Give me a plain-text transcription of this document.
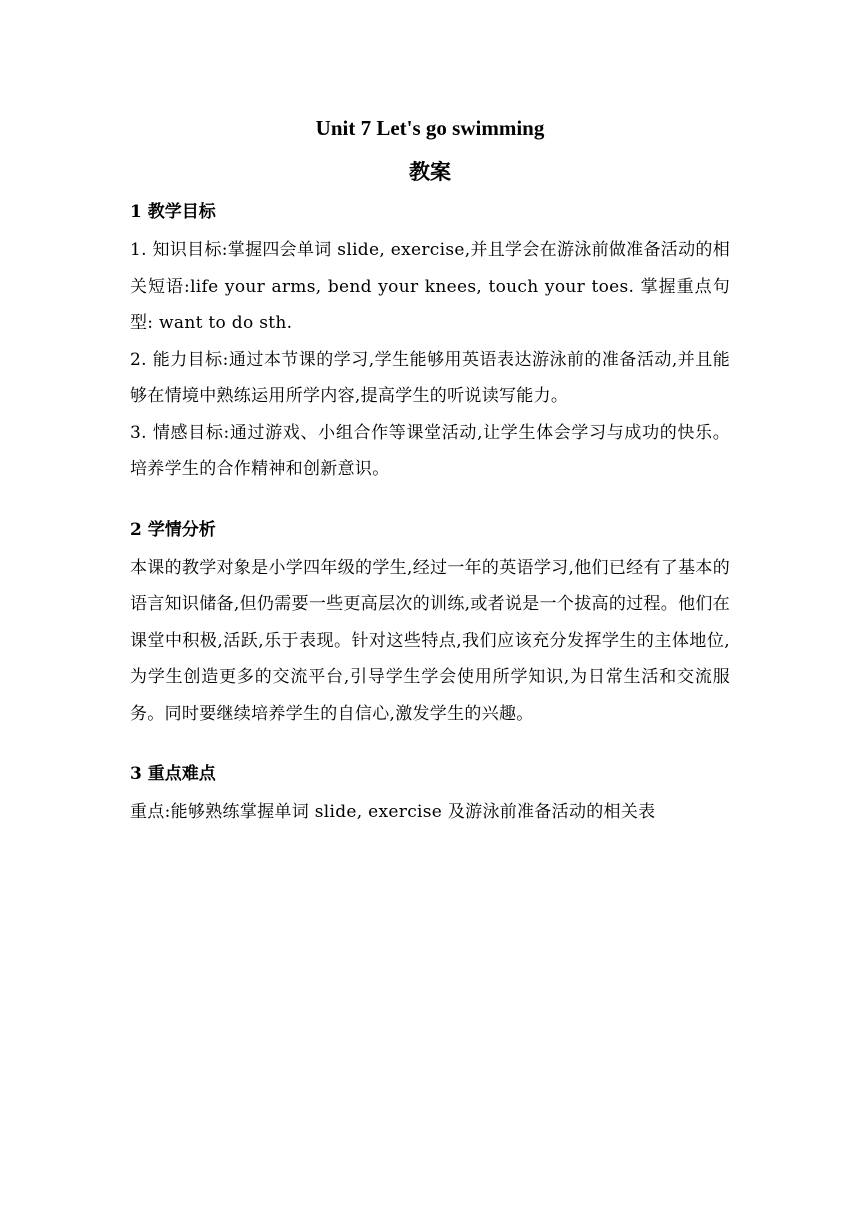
Unit 7 Let's go swimming
教案
1 教学目标

1. 知识目标:掌握四会单词 slide, exercise,并且学会在游泳前做准备活动的相关短语:life your arms, bend your knees, touch your toes. 掌握重点句型: want to do sth.

2. 能力目标:通过本节课的学习,学生能够用英语表达游泳前的准备活动,并且能够在情境中熟练运用所学内容,提高学生的听说读写能力。

3. 情感目标:通过游戏、小组合作等课堂活动,让学生体会学习与成功的快乐。培养学生的合作精神和创新意识。

2 学情分析

本课的教学对象是小学四年级的学生,经过一年的英语学习,他们已经有了基本的语言知识储备,但仍需要一些更高层次的训练,或者说是一个拔高的过程。他们在课堂中积极,活跃,乐于表现。针对这些特点,我们应该充分发挥学生的主体地位,为学生创造更多的交流平台,引导学生学会使用所学知识,为日常生活和交流服务。同时要继续培养学生的自信心,激发学生的兴趣。

3 重点难点

重点:能够熟练掌握单词 slide, exercise 及游泳前准备活动的相关表
